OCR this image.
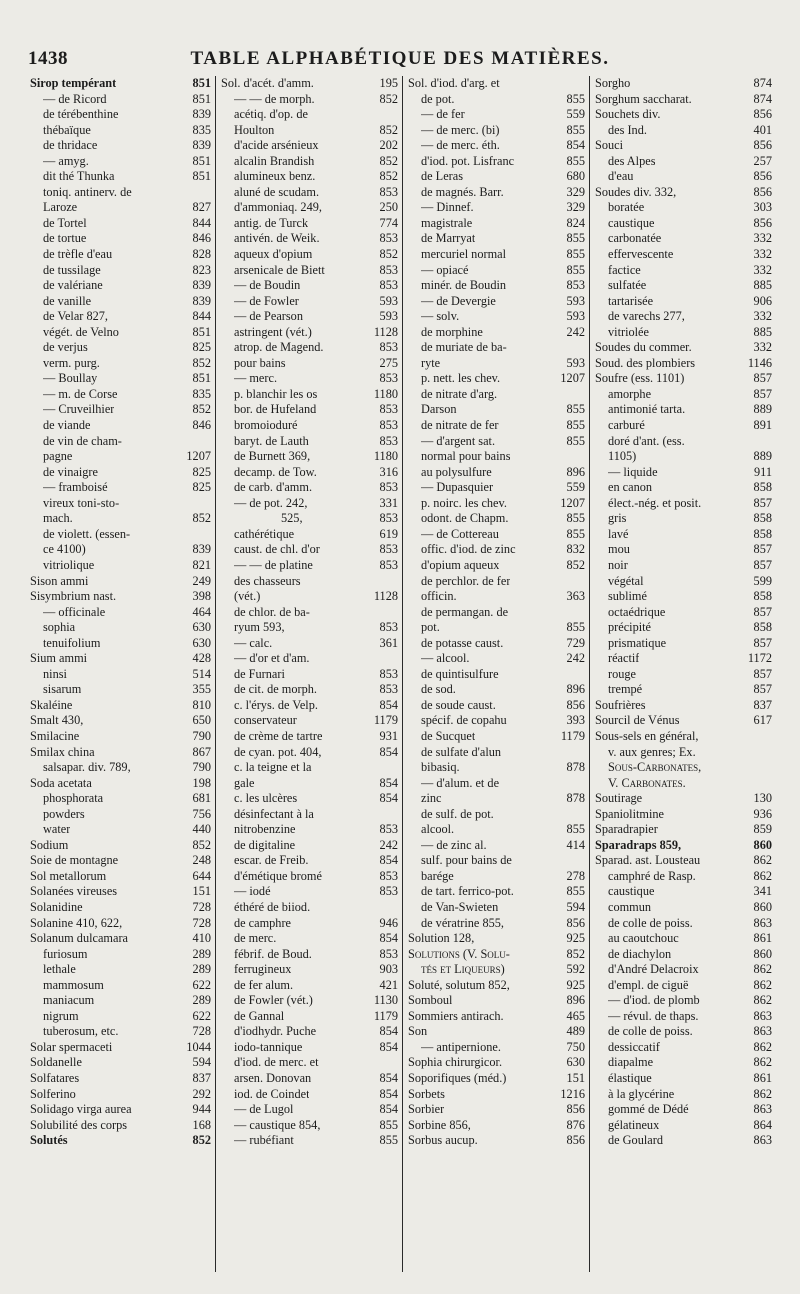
1438	TABLE ALPHABÉTIQUE DES MATIÈRES.
Sirop tempérant	851
— de Ricord	851
de térébenthine	839
thébaïque	835
de thridace	839
— amyg.	851
dit thé Thunka	851
toniq. antinerv. de
Laroze	827
de Tortel	844
de tortue	846
de trèfle d'eau	828
de tussilage	823
de valériane	839
de vanille	839
de Velar 827,	844
végét. de Velno	851
de verjus	825
verm. purg.	852
— Boullay	851
— m. de Corse	835
— Cruveilhier	852
de viande	846
de vin de cham-
pagne	1207
de vinaigre	825
— framboisé	825
vireux toni-sto-
mach.	852
de violett. (essen-
ce 4100)	839
vitriolique	821
Sison ammi	249
Sisymbrium nast.	398
— officinale	464
sophia	630
tenuifolium	630
Sium ammi	428
ninsi	514
sisarum	355
Skaléine	810
Smalt 430,	650
Smilacine	790
Smilax china	867
salsapar. div. 789,	790
Soda acetata	198
phosphorata	681
powders	756
water	440
Sodium	852
Soie de montagne	248
Sol metallorum	644
Solanées vireuses	151
Solanidine	728
Solanine 410, 622,	728
Solanum dulcamara	410
furiosum	289
lethale	289
mammosum	622
maniacum	289
nigrum	622
tuberosum, etc.	728
Solar spermaceti	1044
Soldanelle	594
Solfatares	837
Solferino	292
Solidago virga aurea	944
Solubilité des corps	168
Solutés	852
Sol. d'acét. d'amm.	195
— — de morph.	852
acétiq. d'op. de
Houlton	852
d'acide arsénieux	202
alcalin Brandish	852
alumineux benz.	852
aluné de scudam.	853
d'ammoniaq. 249,	250
antig. de Turck	774
antivén. de Weik.	853
aqueux d'opium	852
arsenicale de Biett	853
— de Boudin	853
— de Fowler	593
— de Pearson	593
astringent (vét.)	1128
atrop. de Magend.	853
pour bains	275
— merc.	853
p. blanchir les os	1180
bor. de Hufeland	853
bromoioduré	853
baryt. de Lauth	853
de Burnett 369,	1180
decamp. de Tow.	316
de carb. d'amm.	853
— de pot. 242,	331
525,	853
cathérétique	619
caust. de chl. d'or	853
— — de platine	853
des chasseurs
(vét.)	1128
de chlor. de ba-
ryum 593,	853
— calc.	361
— d'or et d'am.
de Furnari	853
de cit. de morph.	853
c. l'érys. de Velp.	854
conservateur	1179
de crème de tartre	931
de cyan. pot. 404,	854
c. la teigne et la
gale	854
c. les ulcères	854
désinfectant à la
nitrobenzine	853
de digitaline	242
escar. de Freib.	854
d'émétique bromé	853
— iodé	853
éthéré de biiod.
de camphre	946
de merc.	854
fébrif. de Boud.	853
ferrugineux	903
de fer alum.	421
de Fowler (vét.)	1130
de Gannal	1179
d'iodhydr. Puche	854
iodo-tannique	854
d'iod. de merc. et
arsen. Donovan	854
iod. de Coindet	854
— de Lugol	854
— caustique 854,	855
— rubéfiant	855
Sol. d'iod. d'arg. et
de pot.	855
— de fer	559
— de merc. (bi)	855
— de merc. éth.	854
d'iod. pot. Lisfranc	855
de Leras	680
de magnés. Barr.	329
— Dinnef.	329
magistrale	824
de Marryat	855
mercuriel normal	855
— opiacé	855
minér. de Boudin	853
— de Devergie	593
— solv.	593
de morphine	242
de muriate de ba-
ryte	593
p. nett. les chev.	1207
de nitrate d'arg.
Darson	855
de nitrate de fer	855
— d'argent sat.	855
normal pour bains
au polysulfure	896
— Dupasquier	559
p. noirc. les chev.	1207
odont. de Chapm.	855
— de Cottereau	855
offic. d'iod. de zinc	832
d'opium aqueux	852
de perchlor. de fer
officin.	363
de permangan. de
pot.	855
de potasse caust.	729
— alcool.	242
de quintisulfure
de sod.	896
de soude caust.	856
spécif. de copahu	393
de Sucquet	1179
de sulfate d'alun
bibasiq.	878
— d'alum. et de
zinc	878
de sulf. de pot.
alcool.	855
— de zinc al.	414
sulf. pour bains de
barége	278
de tart. ferrico-pot.	855
de Van-Swieten	594
de vératrine 855,	856
Solution 128,	925
Solutions (V. Solu-	852
tés et Liqueurs)	592
Soluté, solutum 852,	925
Somboul	896
Sommiers antirach.	465
Son	489
— antipernione.	750
Sophia chirurgicor.	630
Soporifiques (méd.)	151
Sorbets	1216
Sorbier	856
Sorbine 856,	876
Sorbus aucup.	856
Sorgho	874
Sorghum saccharat.	874
Souchets div.	856
des Ind.	401
Souci	856
des Alpes	257
d'eau	856
Soudes div. 332,	856
boratée	303
caustique	856
carbonatée	332
effervescente	332
factice	332
sulfatée	885
tartarisée	906
de varechs 277,	332
vitriolée	885
Soudes du commer.	332
Soud. des plombiers	1146
Soufre (ess. 1101)	857
amorphe	857
antimonié tarta.	889
carburé	891
doré d'ant. (ess.
1105)	889
— liquide	911
en canon	858
élect.-nég. et posit.	857
gris	858
lavé	858
mou	857
noir	857
végétal	599
sublimé	858
octaédrique	857
précipité	858
prismatique	857
réactif	1172
rouge	857
trempé	857
Soufrières	837
Sourcil de Vénus	617
Sous-sels en général,
v. aux genres; Ex.
Sous-Carbonates,
V. Carbonates.
Soutirage	130
Spaniolitmine	936
Sparadrapier	859
Sparadraps 859,	860
Sparad. ast. Lousteau	862
camphré de Rasp.	862
caustique	341
commun	860
de colle de poiss.	863
au caoutchouc	861
de diachylon	860
d'André Delacroix	862
d'empl. de ciguë	862
— d'iod. de plomb	862
— révul. de thaps.	863
de colle de poiss.	863
dessiccatif	862
diapalme	862
élastique	861
à la glycérine	862
gommé de Dédé	863
gélatineux	864
de Goulard	863
